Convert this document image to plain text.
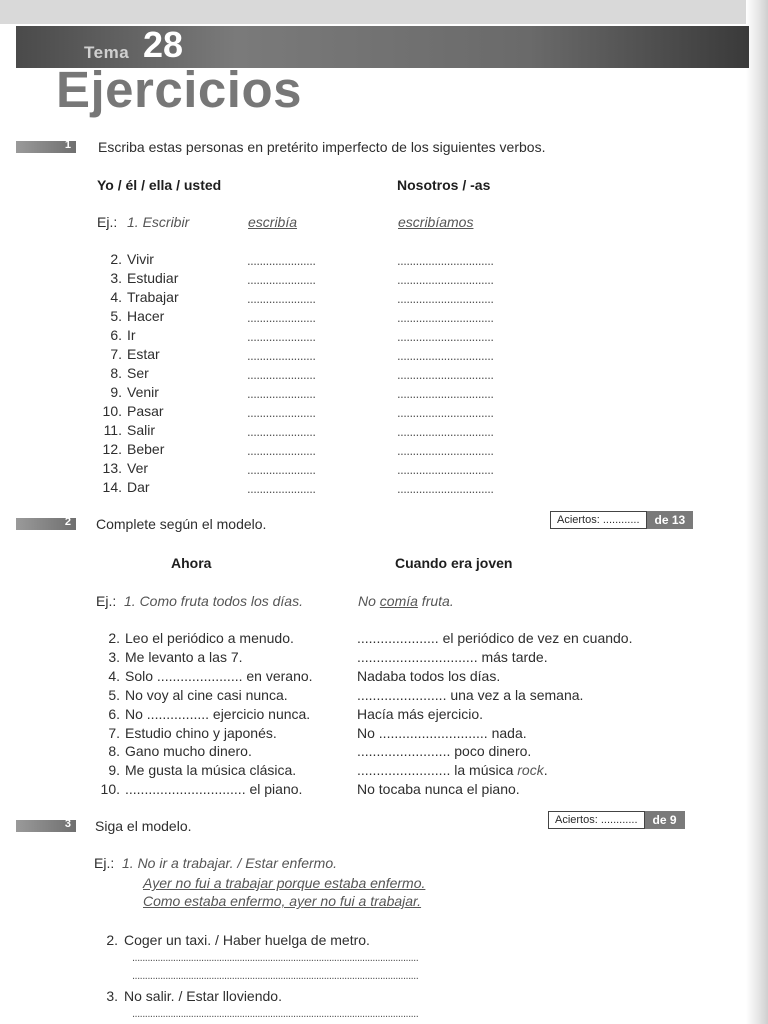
Tema 28
Ejercicios
1 Escriba estas personas en pretérito imperfecto de los siguientes verbos.
Yo / él / ella / usted	Nosotros / -as
Ej.: 1. Escribir	escribía	escribíamos
2. Vivir	......................	...............................
3. Estudiar	......................	...............................
4. Trabajar	......................	...............................
5. Hacer	......................	...............................
6. Ir	......................	...............................
7. Estar	......................	...............................
8. Ser	......................	...............................
9. Venir	......................	...............................
10. Pasar	......................	...............................
11. Salir	......................	...............................
12. Beber	......................	...............................
13. Ver	......................	...............................
14. Dar	......................	...............................
2 Complete según el modelo.	Aciertos: ............	de 13
Ahora	Cuando era joven
Ej.: 1. Como fruta todos los días.	No comía fruta.
2. Leo el periódico a menudo.	..................... el periódico de vez en cuando.
3. Me levanto a las 7.	............................... más tarde.
4. Solo ...................... en verano.	Nadaba todos los días.
5. No voy al cine casi nunca.	....................... una vez a la semana.
6. No ................ ejercicio nunca.	Hacía más ejercicio.
7. Estudio chino y japonés.	No ............................ nada.
8. Gano mucho dinero.	........................ poco dinero.
9. Me gusta la música clásica.	........................ la música rock.
10. ............................... el piano.	No tocaba nunca el piano.
3 Siga el modelo.	Aciertos: ............	de 9
Ej.: 1. No ir a trabajar. / Estar enfermo.
Ayer no fui a trabajar porque estaba enfermo.
Como estaba enfermo, ayer no fui a trabajar.
2. Coger un taxi. / Haber huelga de metro.
................................................................................................................
................................................................................................................
3. No salir. / Estar lloviendo.
................................................................................................................
